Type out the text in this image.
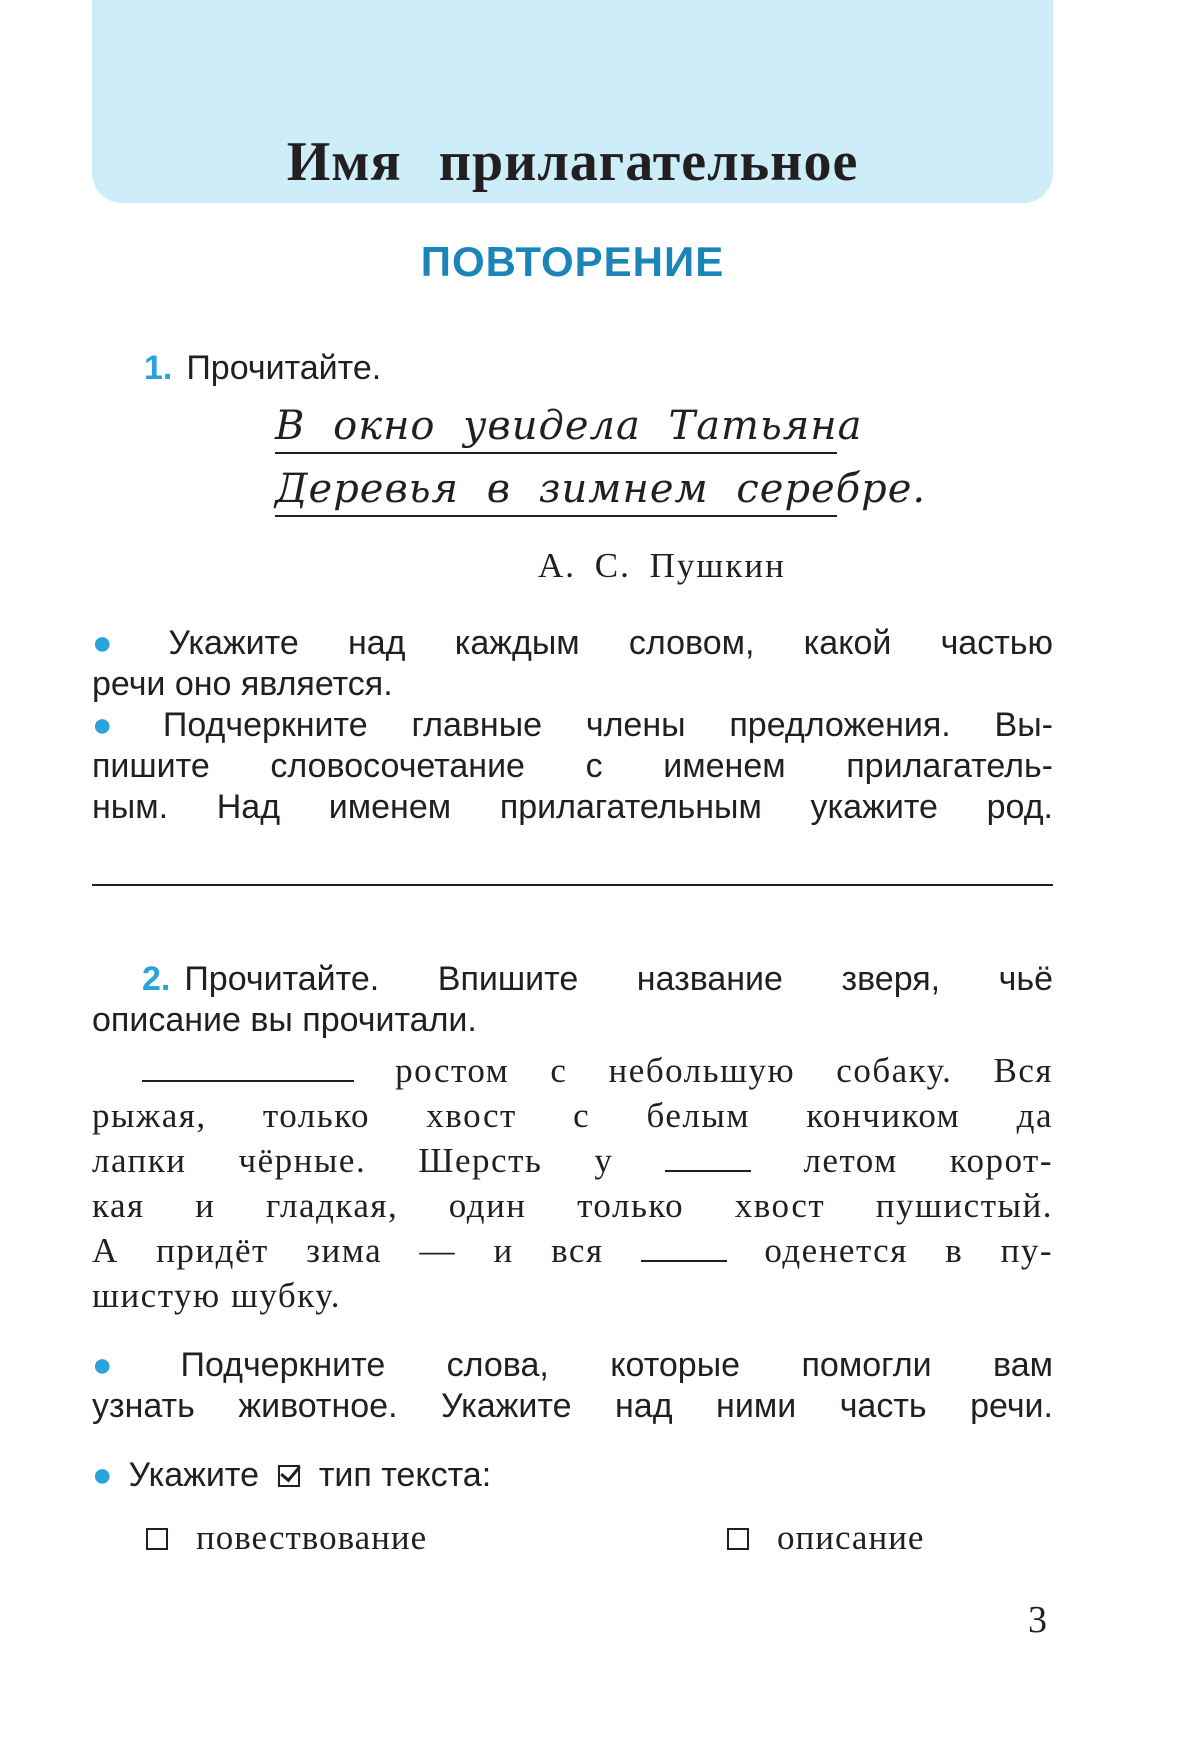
Имя прилагательное
ПОВТОРЕНИЕ
1. Прочитайте.
В окно увидела Татьяна
Деревья в зимнем серебре.
А. С. Пушкин
● Укажите над каждым словом, какой частью
речи оно является.
● Подчеркните главные члены предложения. Вы-
пишите словосочетание с именем прилагатель-
ным. Над именем прилагательным укажите род.
2. Прочитайте. Впишите название зверя, чьё
описание вы прочитали.
ростом с небольшую собаку. Вся
рыжая, только хвост с белым кончиком да
лапки чёрные. Шерсть у	летом корот-
кая и гладкая, один только хвост пушистый.
А придёт зима — и вся	оденется в пу-
шистую шубку.
● Подчеркните слова, которые помогли вам
узнать животное. Укажите над ними часть речи.
● Укажите тип текста:
повествование	описание
3
